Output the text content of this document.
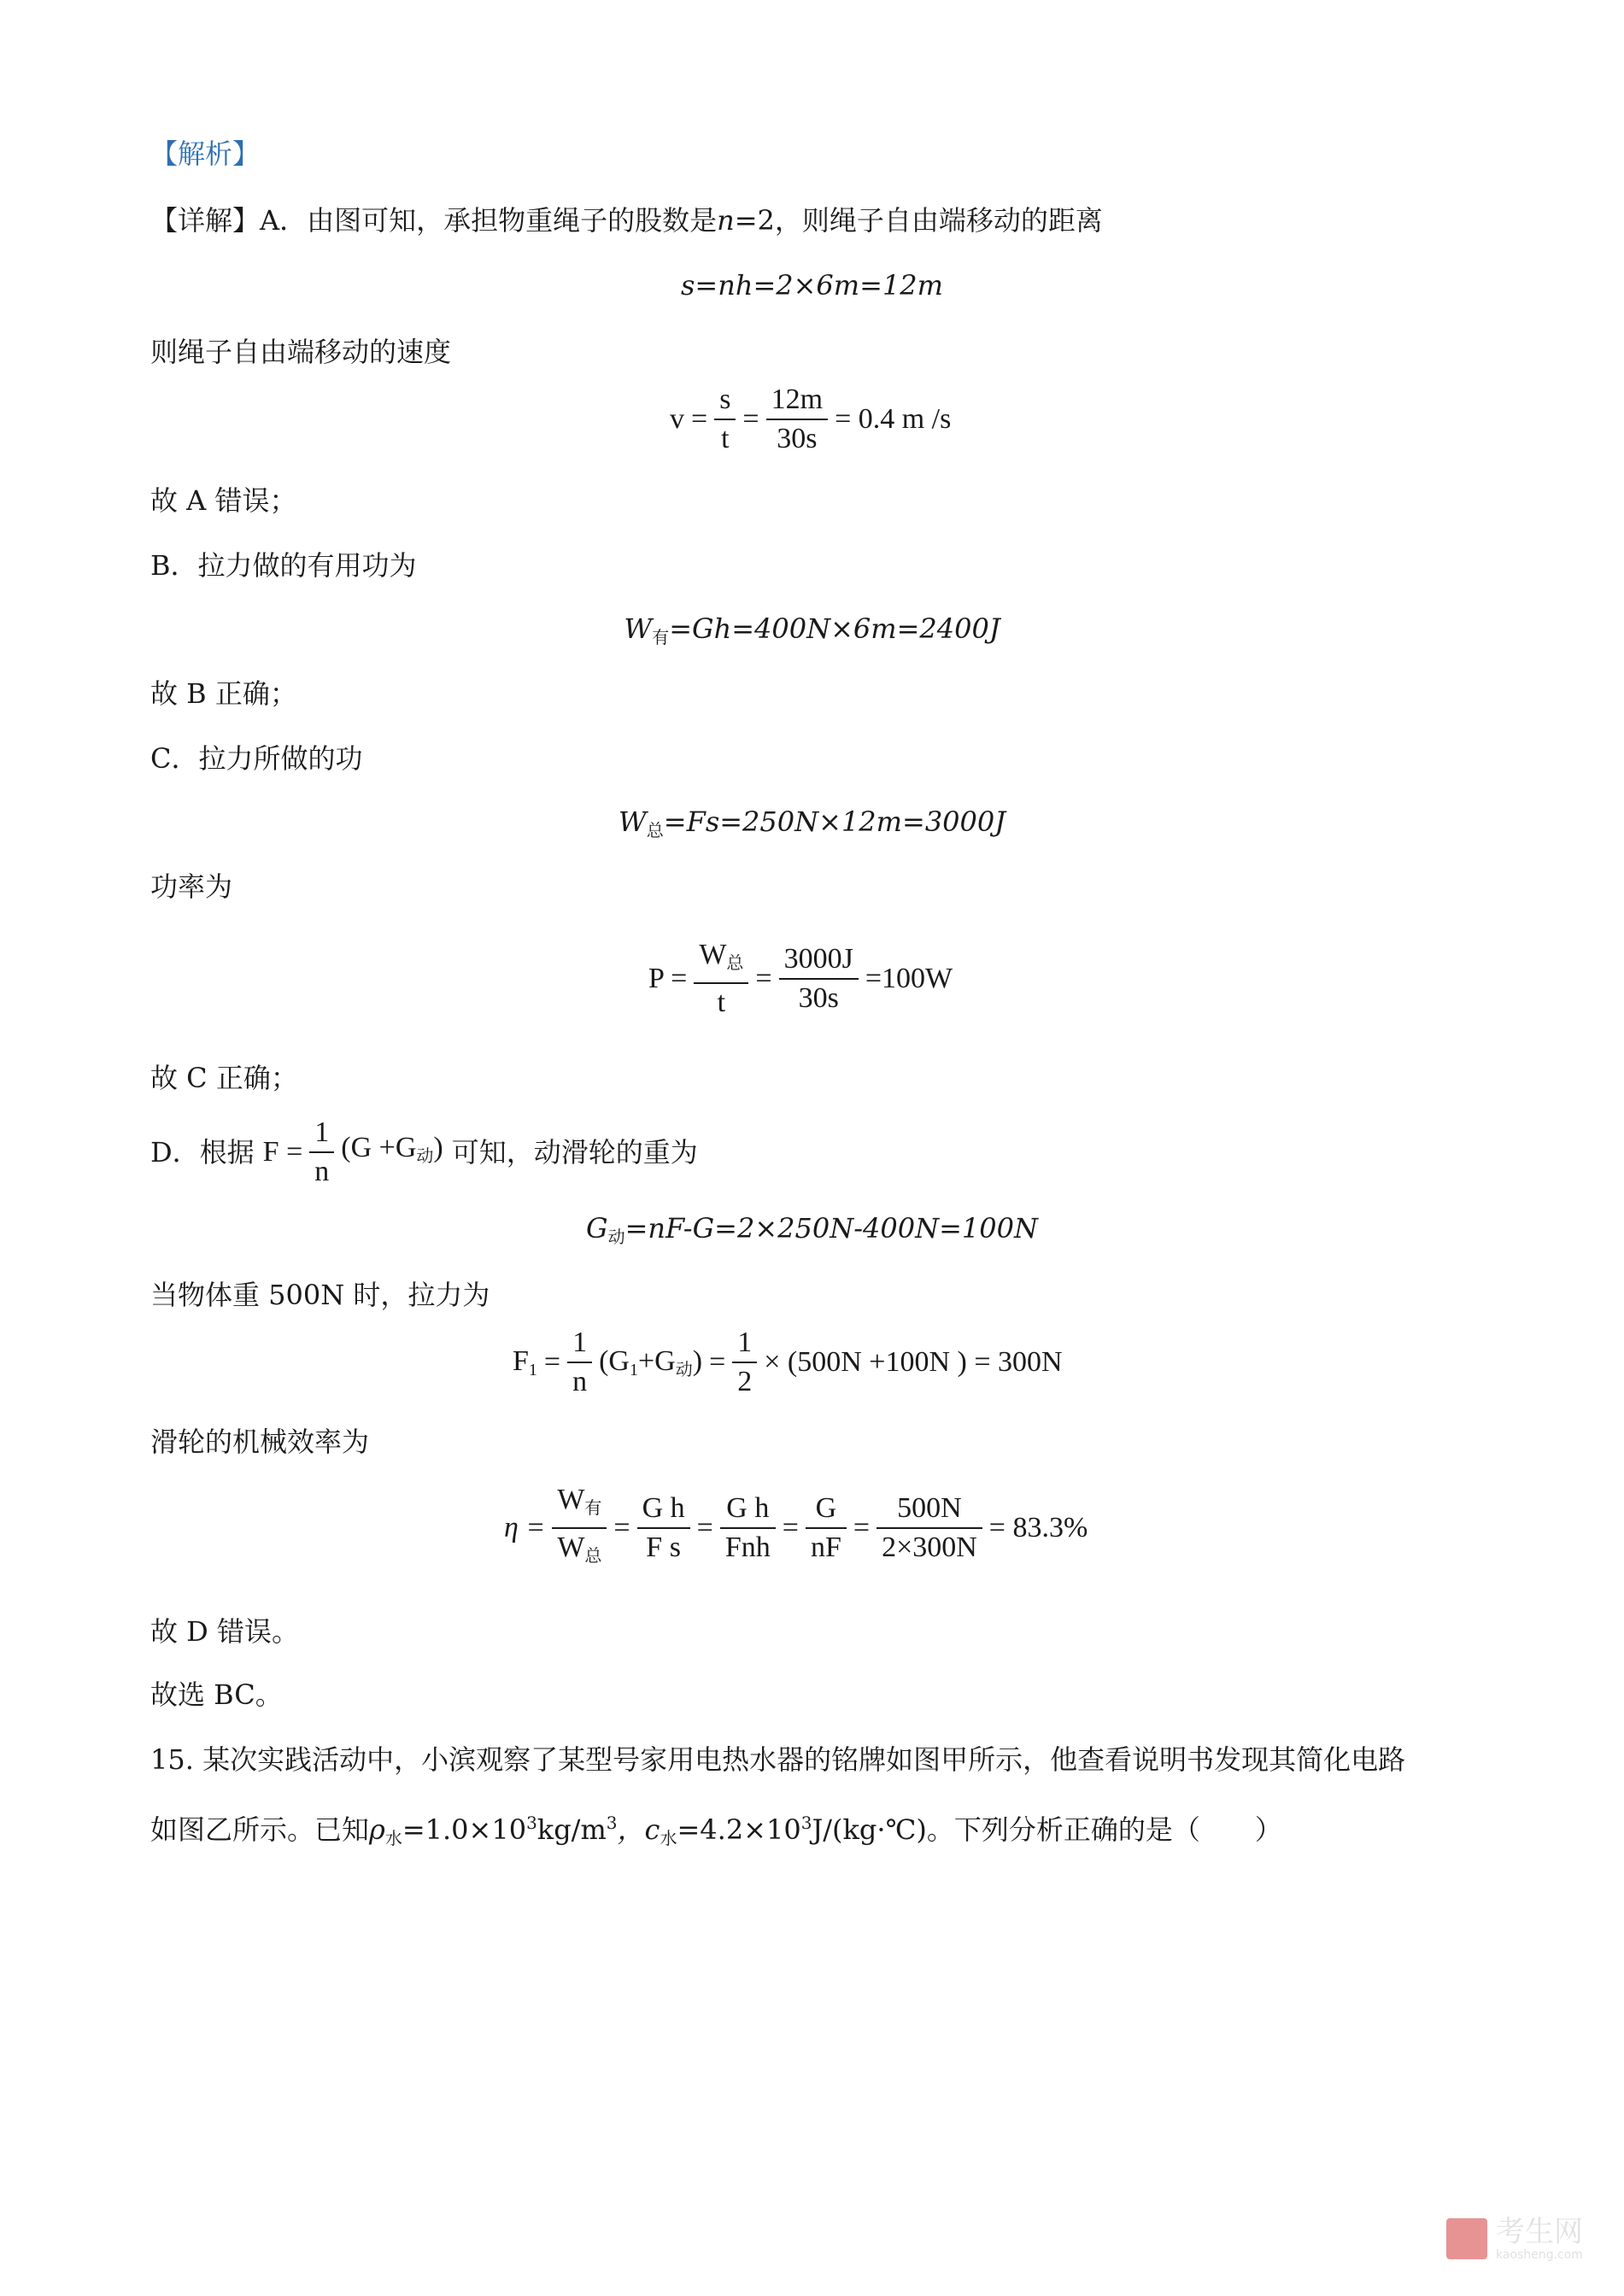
【解析】
【详解】A．由图可知，承担物重绳子的股数是n=2，则绳子自由端移动的距离
s=nh=2×6m=12m
则绳子自由端移动的速度
$v = \frac{s}{t} = \frac{12m}{30s} = 0.4$ m /s
故 A 错误；
B．拉力做的有用功为
$W_有=Gh=400N\times 6m=2400J$
故 B 正确；
C．拉力所做的功
$W_总=Fs=250N\times 12m=3000J$
功率为
$P = \frac{W_总}{t} = \frac{3000J}{30s} =100W$
故 C 正确；
D．根据 $F = \frac{1}{n} (G +G_动)$ 可知，动滑轮的重为
$G_动=nF-G=2\times 250N-400N=100N$
当物体重 500N 时，拉力为
$F_1 = \frac{1}{n} (G_1+G_动) = \frac{1}{2} \times (500N +100N$ ) = 300N
滑轮的机械效率为
$\eta = \frac{W_有}{W_总} = \frac{\text{G h}}{\text{F s}} = \frac{\text{G h}}{\text{Fnh}} = \frac{G}{nF} = \frac{500N}{2\times 300N} = 83.3\%$
故 D 错误。
故选 BC。
15. 某次实践活动中，小滨观察了某型号家用电热水器的铭牌如图甲所示，他查看说明书发现其简化电路
如图乙所示。已知$\rho_水=1.0\times 10^3kg/m^3$，$c_水=4.2\times 10^3J/(kg\cdot℃)$。下列分析正确的是（　　）
考生网
kaosheng.com
